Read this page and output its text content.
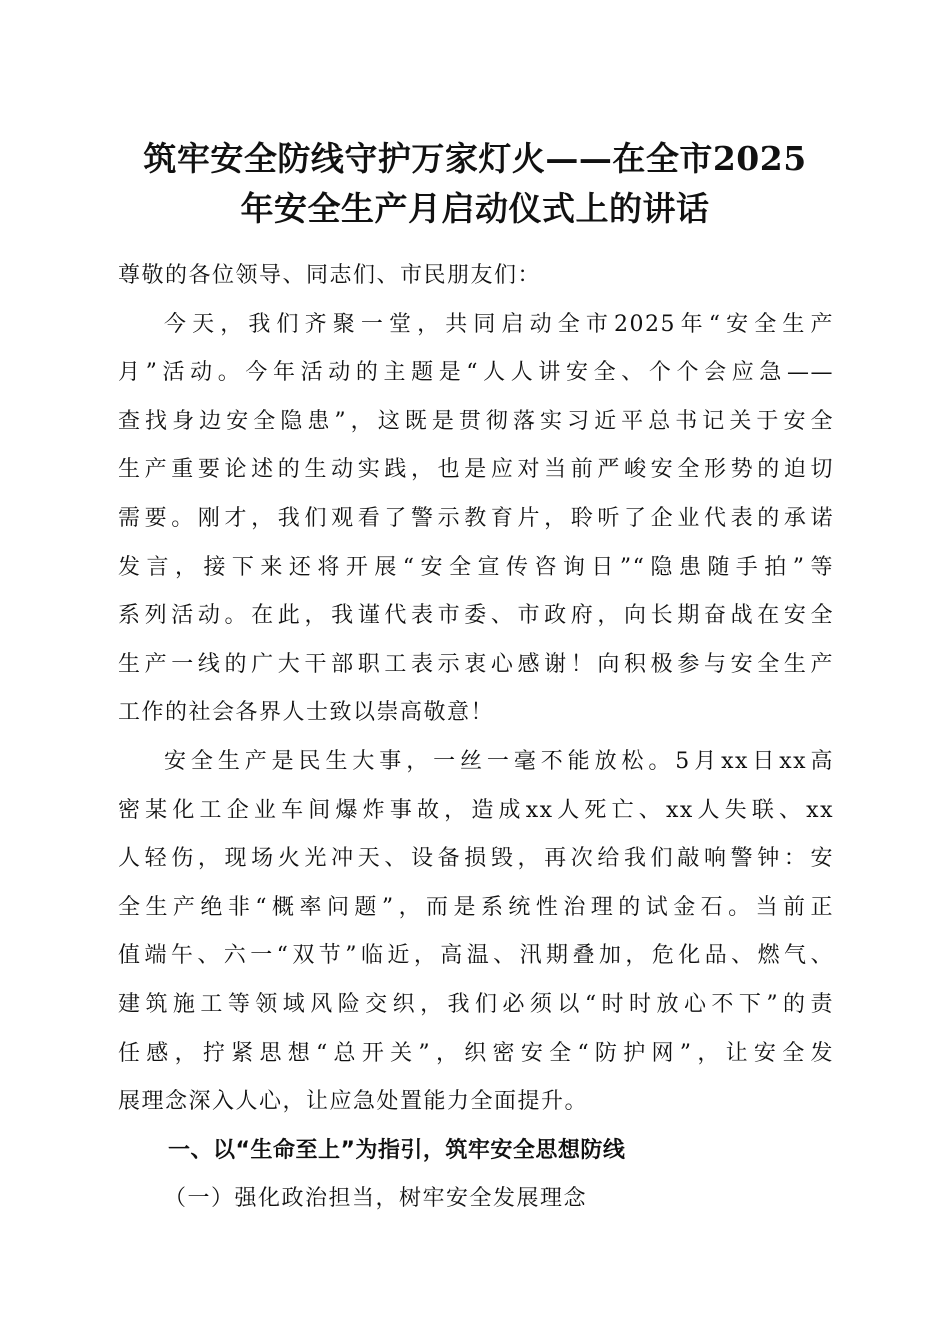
筑牢安全防线守护万家灯火——在全市2025
年安全生产月启动仪式上的讲话
尊敬的各位领导、同志们、市民朋友们：
今天，我们齐聚一堂，共同启动全市2025年“安全生产
月”活动。今年活动的主题是“人人讲安全、个个会应急——
查找身边安全隐患”，这既是贯彻落实习近平总书记关于安全
生产重要论述的生动实践，也是应对当前严峻安全形势的迫切
需要。刚才，我们观看了警示教育片，聆听了企业代表的承诺
发言，接下来还将开展“安全宣传咨询日”“隐患随手拍”等
系列活动。在此，我谨代表市委、市政府，向长期奋战在安全
生产一线的广大干部职工表示衷心感谢！向积极参与安全生产
工作的社会各界人士致以崇高敬意！
安全生产是民生大事，一丝一毫不能放松。5月xx日xx高
密某化工企业车间爆炸事故，造成xx人死亡、xx人失联、xx
人轻伤，现场火光冲天、设备损毁，再次给我们敲响警钟：安
全生产绝非“概率问题”，而是系统性治理的试金石。当前正
值端午、六一“双节”临近，高温、汛期叠加，危化品、燃气、
建筑施工等领域风险交织，我们必须以“时时放心不下”的责
任感，拧紧思想“总开关”，织密安全“防护网”，让安全发
展理念深入人心，让应急处置能力全面提升。
一、以“生命至上”为指引，筑牢安全思想防线
（一）强化政治担当，树牢安全发展理念
